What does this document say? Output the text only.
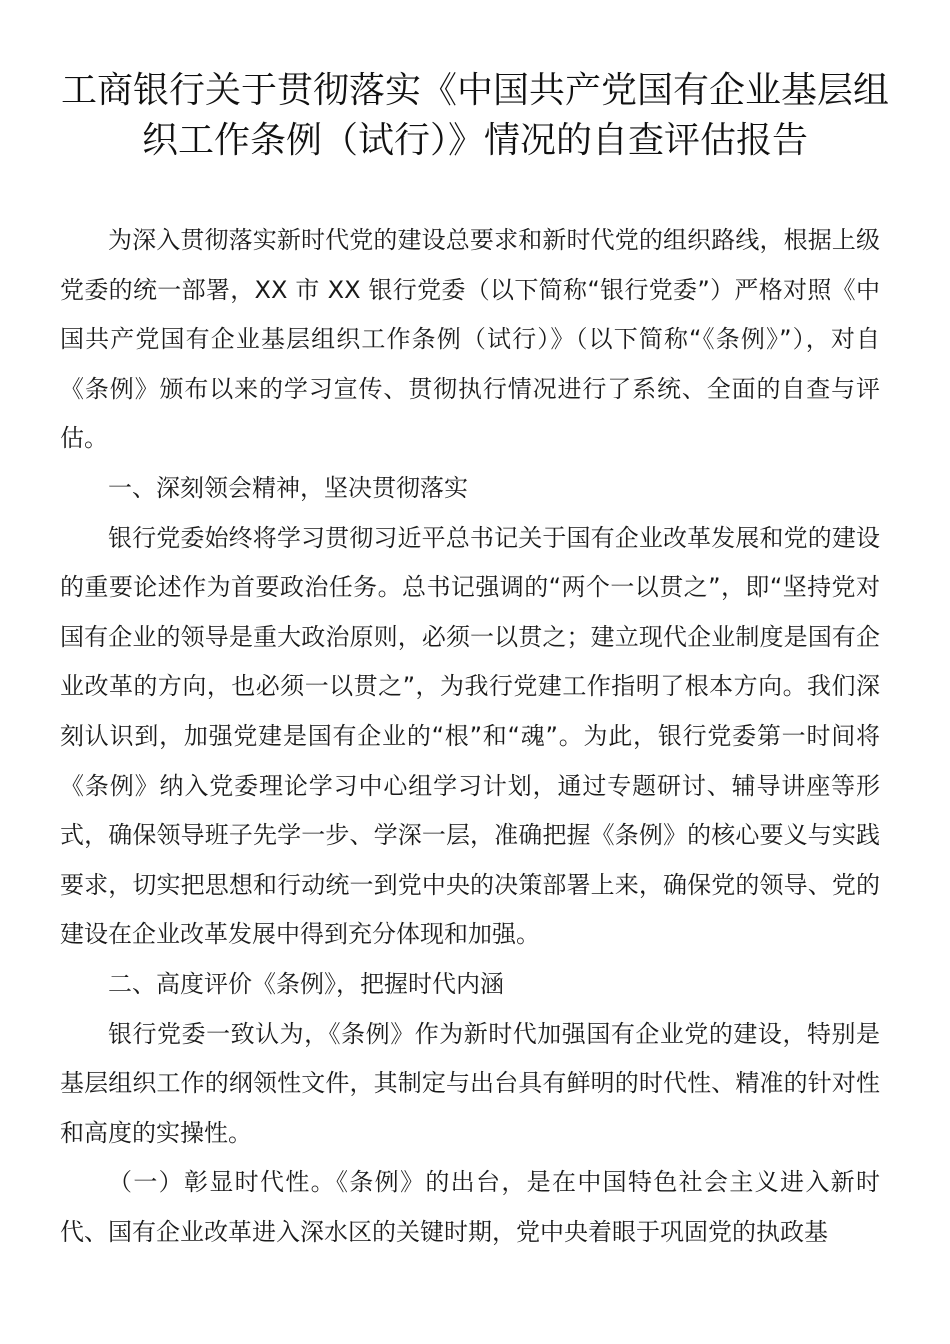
工商银行关于贯彻落实《中国共产党国有企业基层组织工作条例（试行）》情况的自查评估报告

为深入贯彻落实新时代党的建设总要求和新时代党的组织路线，根据上级党委的统一部署，XX 市 XX 银行党委（以下简称“银行党委”）严格对照《中国共产党国有企业基层组织工作条例（试行）》（以下简称“《条例》”），对自《条例》颁布以来的学习宣传、贯彻执行情况进行了系统、全面的自查与评估。

一、深刻领会精神，坚决贯彻落实

银行党委始终将学习贯彻习近平总书记关于国有企业改革发展和党的建设的重要论述作为首要政治任务。总书记强调的“两个一以贯之”，即“坚持党对国有企业的领导是重大政治原则，必须一以贯之；建立现代企业制度是国有企业改革的方向，也必须一以贯之”，为我行党建工作指明了根本方向。我们深刻认识到，加强党建是国有企业的“根”和“魂”。为此，银行党委第一时间将《条例》纳入党委理论学习中心组学习计划，通过专题研讨、辅导讲座等形式，确保领导班子先学一步、学深一层，准确把握《条例》的核心要义与实践要求，切实把思想和行动统一到党中央的决策部署上来，确保党的领导、党的建设在企业改革发展中得到充分体现和加强。

二、高度评价《条例》，把握时代内涵

银行党委一致认为，《条例》作为新时代加强国有企业党的建设，特别是基层组织工作的纲领性文件，其制定与出台具有鲜明的时代性、精准的针对性和高度的实操性。

（一）彰显时代性。《条例》的出台，是在中国特色社会主义进入新时代、国有企业改革进入深水区的关键时期，党中央着眼于巩固党的执政基
